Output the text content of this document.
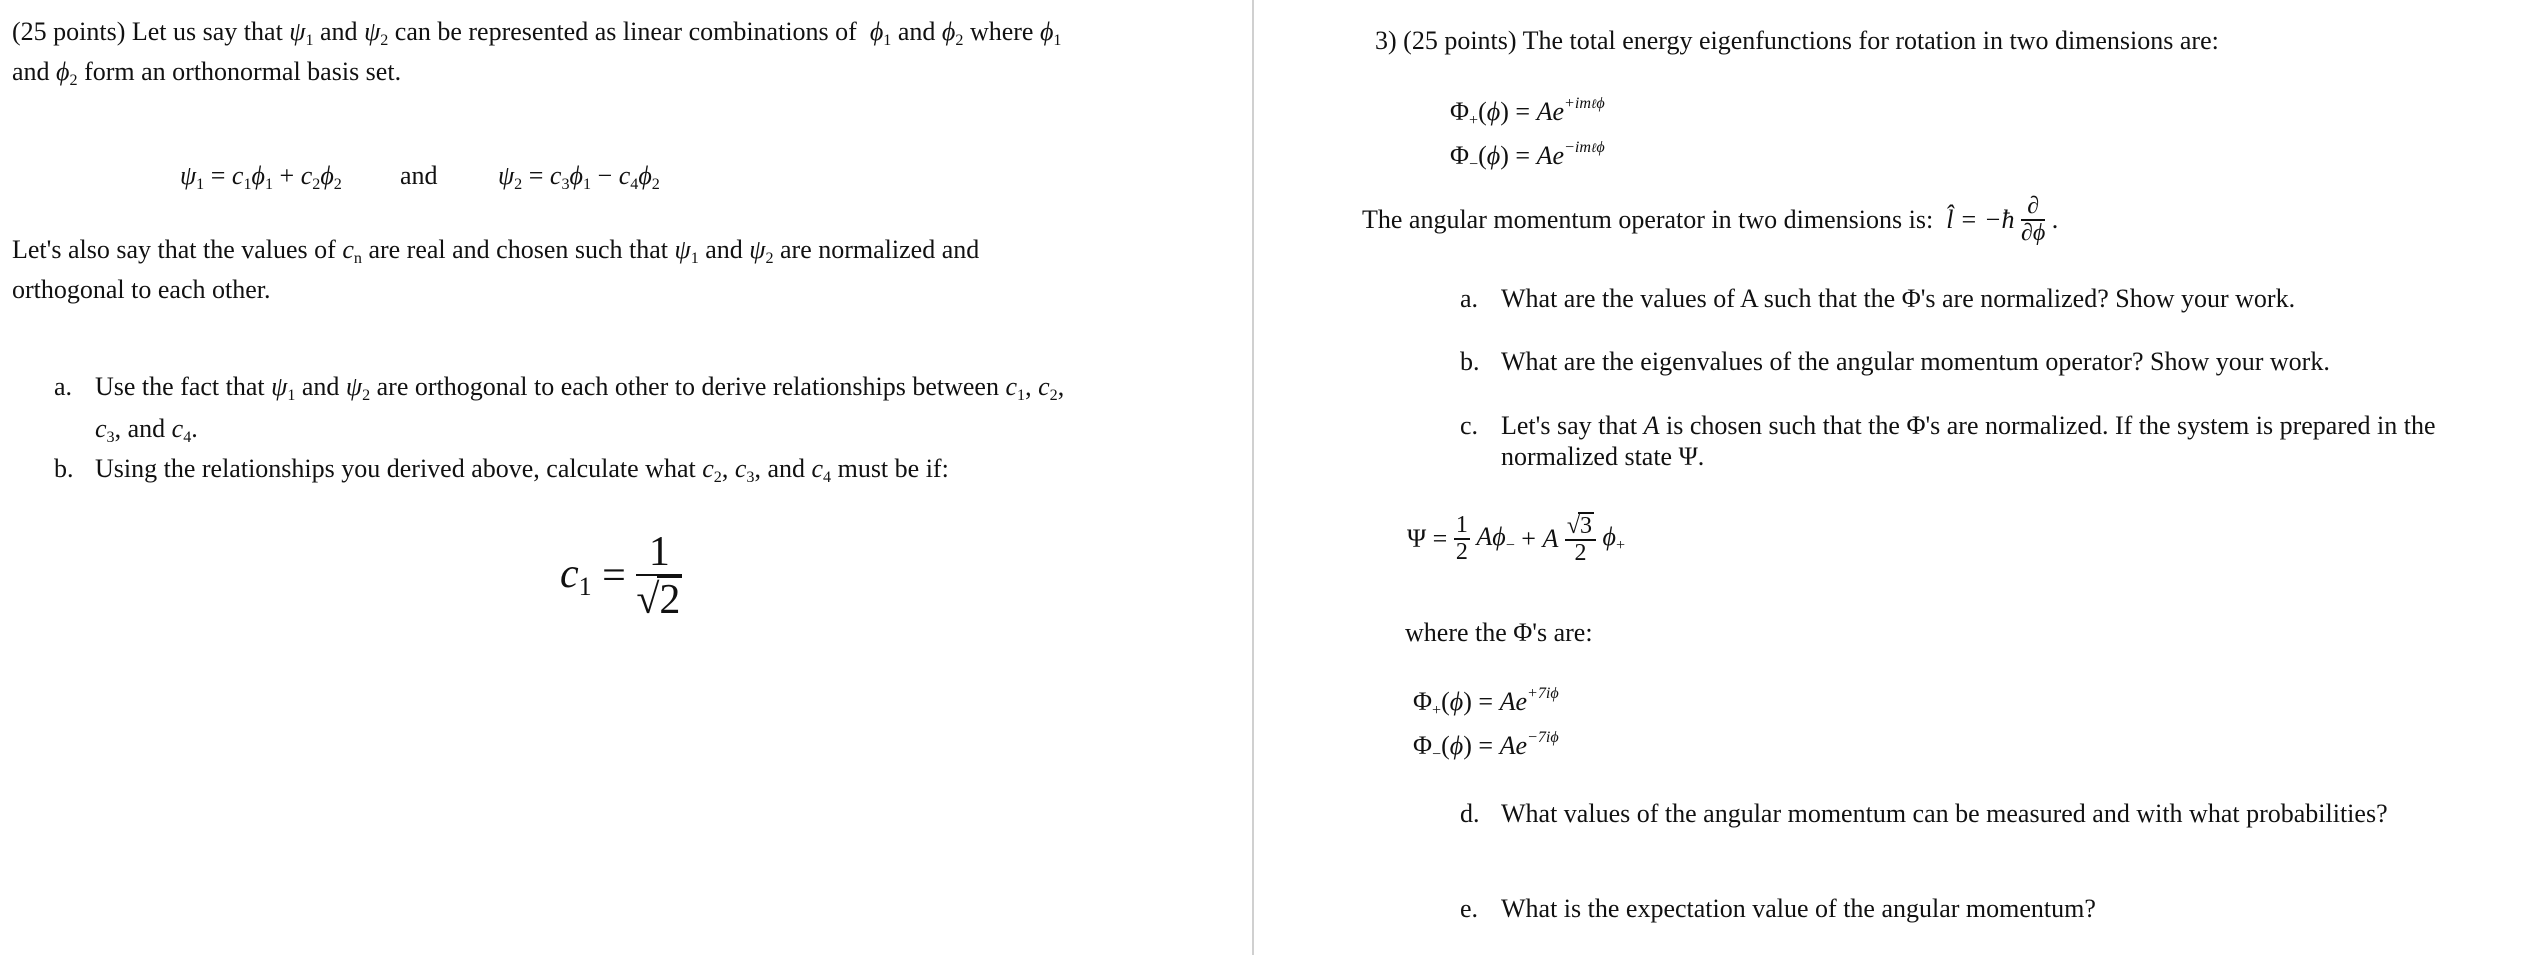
(25 points) Let us say that $\psi_1$ and $\psi_2$ can be represented as linear combinations of $\phi_1$ and $\phi_2$ where $\phi_1$
and $\phi_2$ form an orthonormal basis set.
$\psi_1 = c_1\phi_1 + c_2\phi_2$ and $\psi_2 = c_3\phi_1 - c_4\phi_2$
Let's also say that the values of $c_n$ are real and chosen such that $\psi_1$ and $\psi_2$ are normalized and
orthogonal to each other.
a. Use the fact that $\psi_1$ and $\psi_2$ are orthogonal to each other to derive relationships between $c_1$, $c_2$,
$c_3$, and $c_4$.
b. Using the relationships you derived above, calculate what $c_2$, $c_3$, and $c_4$ must be if:
$c_1 = \frac{1}{√2}$
3) (25 points) The total energy eigenfunctions for rotation in two dimensions are:
$\Phi_+(\phi) = Ae^{+im\ell\phi}$
$\Phi_-(\phi) = Ae^{-im\ell\phi}$
The angular momentum operator in two dimensions is:  l̂ = −ħ $\frac{\partial}{\partial\phi}$ .
a. What are the values of A such that the Φ's are normalized? Show your work.
b. What are the eigenvalues of the angular momentum operator? Show your work.
c. Let's say that A is chosen such that the Φ's are normalized. If the system is prepared in the
normalized state Ψ.
$\Psi = \frac{1}{2} A\phi_- + A \frac{√3}{2} \phi_+$
where the Φ's are:
$\Phi_+(\phi) = Ae^{+7i\phi}$
$\Phi_-(\phi) = Ae^{-7i\phi}$
d. What values of the angular momentum can be measured and with what probabilities?
e. What is the expectation value of the angular momentum?
